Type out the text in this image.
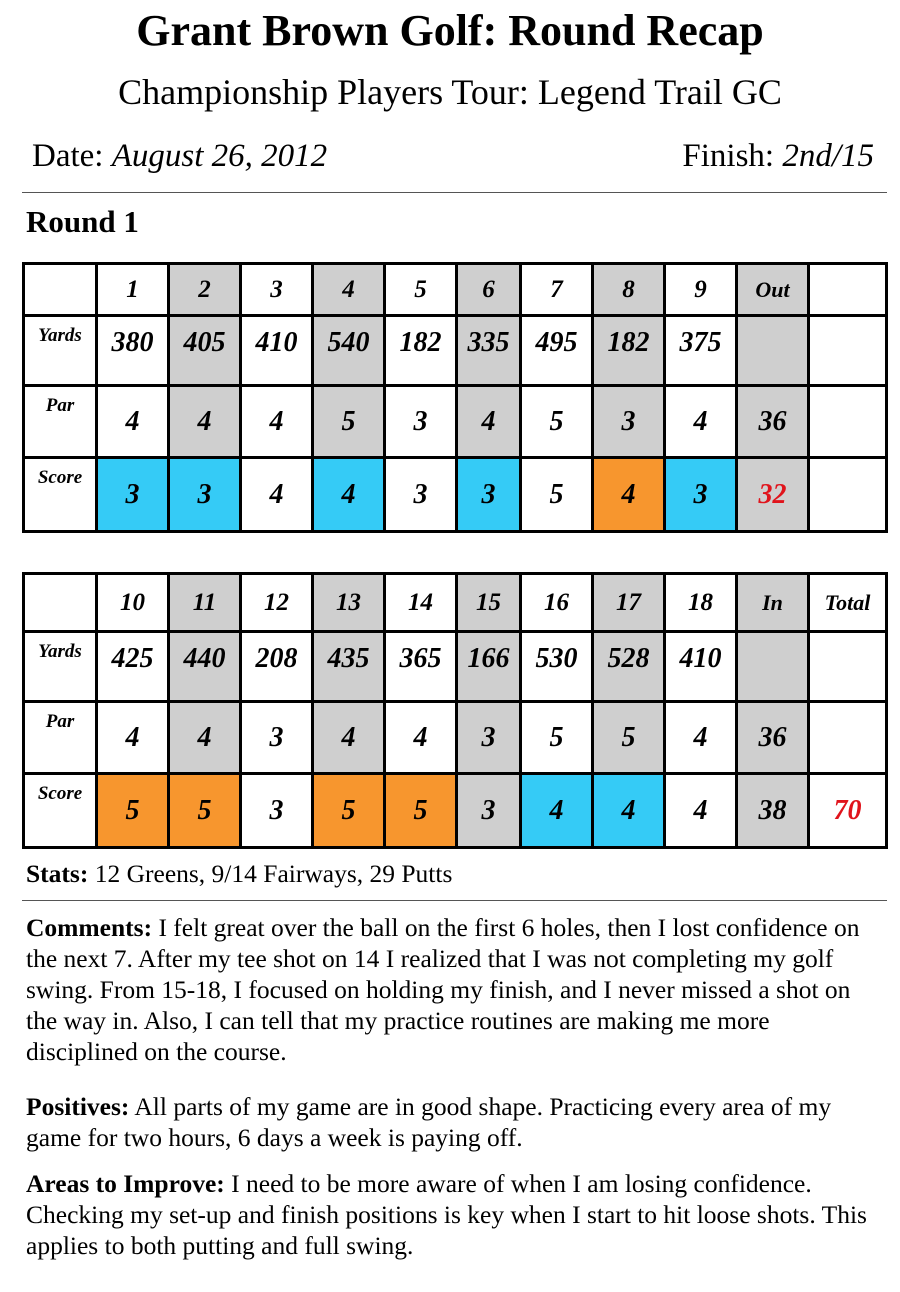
Grant Brown Golf: Round Recap
Championship Players Tour: Legend Trail GC
Date: August 26, 2012	Finish: 2nd/15
Round 1
	1	2	3	4	5	6	7	8	9	Out	
Yards	380	405	410	540	182	335	495	182	375		
Par	4	4	4	5	3	4	5	3	4	36	
Score	3	3	4	4	3	3	5	4	3	32	
	10	11	12	13	14	15	16	17	18	In	Total
Yards	425	440	208	435	365	166	530	528	410		
Par	4	4	3	4	4	3	5	5	4	36	
Score	5	5	3	5	5	3	4	4	4	38	70
Stats: 12 Greens, 9/14 Fairways, 29 Putts
Comments: I felt great over the ball on the first 6 holes, then I lost confidence on the next 7. After my tee shot on 14 I realized that I was not completing my golf swing. From 15-18, I focused on holding my finish, and I never missed a shot on the way in. Also, I can tell that my practice routines are making me more disciplined on the course.
Positives: All parts of my game are in good shape. Practicing every area of my game for two hours, 6 days a week is paying off.
Areas to Improve: I need to be more aware of when I am losing confidence. Checking my set-up and finish positions is key when I start to hit loose shots. This applies to both putting and full swing.
